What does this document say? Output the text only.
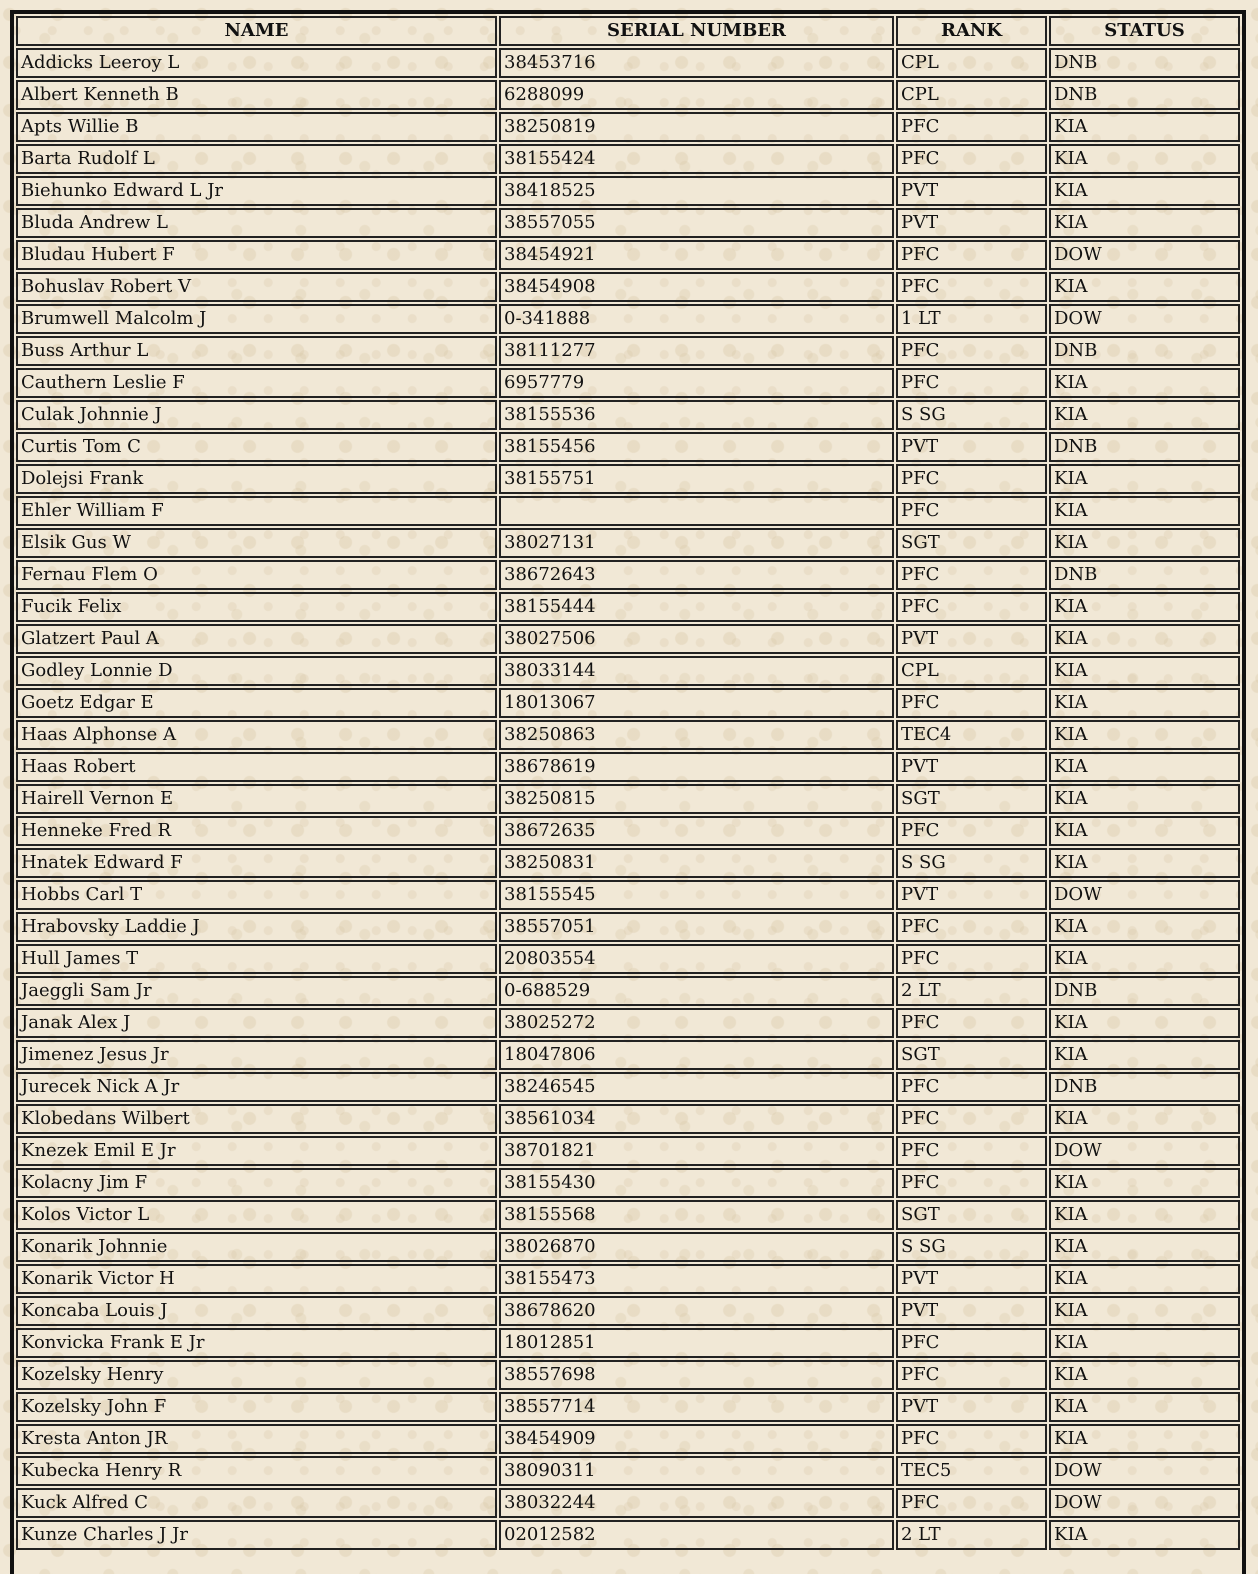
NAME	SERIAL NUMBER	RANK	STATUS
Addicks Leeroy L	38453716	CPL	DNB
Albert Kenneth B	6288099	CPL	DNB
Apts Willie B	38250819	PFC	KIA
Barta Rudolf L	38155424	PFC	KIA
Biehunko Edward L Jr	38418525	PVT	KIA
Bluda Andrew L	38557055	PVT	KIA
Bludau Hubert F	38454921	PFC	DOW
Bohuslav Robert V	38454908	PFC	KIA
Brumwell Malcolm J	0-341888	1 LT	DOW
Buss Arthur L	38111277	PFC	DNB
Cauthern Leslie F	6957779	PFC	KIA
Culak Johnnie J	38155536	S SG	KIA
Curtis Tom C	38155456	PVT	DNB
Dolejsi Frank	38155751	PFC	KIA
Ehler William F		PFC	KIA
Elsik Gus W	38027131	SGT	KIA
Fernau Flem O	38672643	PFC	DNB
Fucik Felix	38155444	PFC	KIA
Glatzert Paul A	38027506	PVT	KIA
Godley Lonnie D	38033144	CPL	KIA
Goetz Edgar E	18013067	PFC	KIA
Haas Alphonse A	38250863	TEC4	KIA
Haas Robert	38678619	PVT	KIA
Hairell Vernon E	38250815	SGT	KIA
Henneke Fred R	38672635	PFC	KIA
Hnatek Edward F	38250831	S SG	KIA
Hobbs Carl T	38155545	PVT	DOW
Hrabovsky Laddie J	38557051	PFC	KIA
Hull James T	20803554	PFC	KIA
Jaeggli Sam Jr	0-688529	2 LT	DNB
Janak Alex J	38025272	PFC	KIA
Jimenez Jesus Jr	18047806	SGT	KIA
Jurecek Nick A Jr	38246545	PFC	DNB
Klobedans Wilbert	38561034	PFC	KIA
Knezek Emil E Jr	38701821	PFC	DOW
Kolacny Jim F	38155430	PFC	KIA
Kolos Victor L	38155568	SGT	KIA
Konarik Johnnie	38026870	S SG	KIA
Konarik Victor H	38155473	PVT	KIA
Koncaba Louis J	38678620	PVT	KIA
Konvicka Frank E Jr	18012851	PFC	KIA
Kozelsky Henry	38557698	PFC	KIA
Kozelsky John F	38557714	PVT	KIA
Kresta Anton JR	38454909	PFC	KIA
Kubecka Henry R	38090311	TEC5	DOW
Kuck Alfred C	38032244	PFC	DOW
Kunze Charles J Jr	02012582	2 LT	KIA
